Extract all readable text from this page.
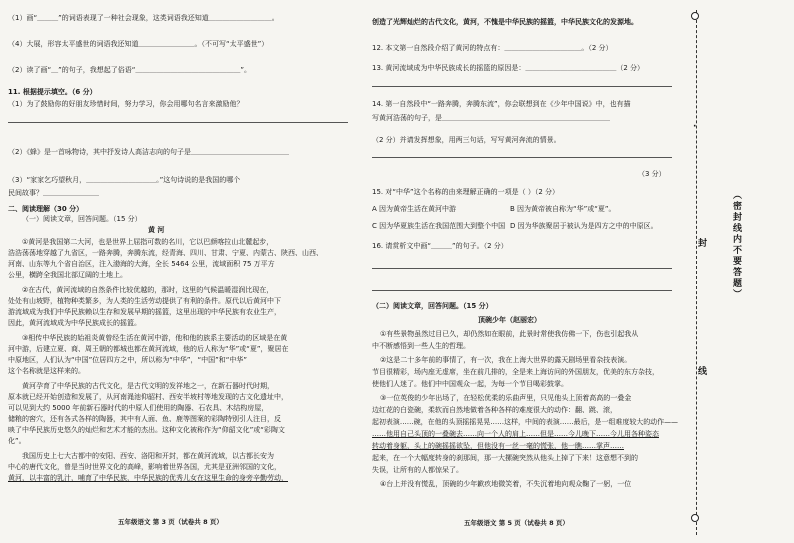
（1）画“＿＿＿”的词语表现了一种社会现象，这类词语我还知道＿＿＿＿＿＿＿＿＿。
（4）大展，形容太平盛世的词语我还知道＿＿＿＿＿＿＿＿。（不可写“太平盛世”）
（2）读了画“＿”的句子，我想起了俗语“＿＿＿＿＿＿＿＿＿＿＿＿＿＿＿”。
11. 根据提示填空。（6 分）
（1）为了鼓励你的好朋友珍惜时间，努力学习，你会用哪句名言来激励他？
（2）《蜂》是一首咏物诗，其中抒发诗人高洁志向的句子是＿＿＿＿＿＿＿＿＿＿＿＿＿＿
（3）“家家乞巧望秋月，＿＿＿＿＿＿＿＿＿＿。”这句诗说的是我国的哪个
民间故事？＿＿＿＿＿＿＿＿
二、阅读理解（30 分）
（一）阅读文章，回答问题。（15 分）
黄 河
①黄河是我国第二大河，也是世界上屈指可数的名川，它以巴颜喀拉山北麓起步，
浩浩荡荡地穿越了九省区，一路奔腾，奔腾东流，经青海、四川、甘肃、宁夏、内蒙古、陕西、山西、
河南、山东等九个省自治区，注入渤海的大海，全长 5464 公里，流域面积 75 万平方
公里，横跨全我国北部辽阔的土地上。
②在古代，黄河流域的自然条件比较优越的，那时，这里的气候温暖湿润比现在，
处处有山坡野，植物种类繁多，为人类的生活劳动提供了有利的条件。原代以后黄河中下
游流域成为我们中华民族赖以生存和发展早期的摇篮，这里出现的中华民族有农业生产，
因此，黄河流域成为中华民族成长的摇篮。
③相传中华民族的始祖炎黄曾经生活在黄河中游，他和他的族系主要活动的区域是在黄
河中游，后建立夏、商、周王朝的都城也都在黄河流域，他的后人称为“华”或“夏”，聚居在
中原地区，人们认为“中国”位居四方之中，所以称为“中华”，“中国”和“中华”
这个名称就是这样来的。
黄河孕育了中华民族的古代文化，是古代文明的发祥地之一，在新石器时代时期，
原本就已经开始创造和发展了，从河南渑池仰韶村、西安半坡村等地发现的古文化遗址中，
可以见到大约 5000 年前新石器时代的中原人们使用的陶器、石农具、木结构房屋，
储粮的窖穴，还有各式各样的陶器，其中有人面、鱼、鹿等图案的彩陶特别引人注目，反
映了中华民族历史悠久的灿烂和艺术才能的杰出。这种文化被称作为“仰韶文化”或“彩陶文
化”。
我国历史上七大古都中的安阳、西安、洛阳和开封，都在黄河流域，以古都长安为
中心的唐代文化，曾是当时世界文化的高峰，影响着世界各国，尤其是亚洲邻国的文化，
黄河，以丰富的乳汁，哺育了中华民族，中华民族的优秀儿女在这里生命的身旁辛勤劳动，
五年级语文 第 3 页（试卷共 8 页）
创造了光辉灿烂的古代文化，黄河，不愧是中华民族的摇篮，中华民族文化的发源地。
12. 本文第一自然段介绍了黄河的特点有：＿＿＿＿＿＿＿＿＿＿＿。（2 分）
13. 黄河流域成为中华民族成长的摇篮的原因是：＿＿＿＿＿＿＿＿＿＿＿＿＿（2 分）
14. 第一自然段中“一路奔腾，奔腾东流”，你会联想到在《少年中国说》中，也有描
写黄河浩荡的句子，是＿＿＿＿＿＿＿＿＿＿＿＿＿＿＿＿＿＿＿＿＿＿＿＿
（2 分）并请发挥想象，用两三句话，写写黄河奔流的情景。
（3 分）
15. 对“中华”这个名称的由来理解正确的一项是（ ）（2 分）
A 因为黄帝生活在黄河中游	B 因为黄帝被自称为“华”或“夏”。
C 因为华夏族生活在我国范围大到整个中国 D 因为华族聚居于被认为是四方之中的中原区。
16. 请赏析文中画“＿＿＿”的句子。（2 分）
（二）阅读文章，回答问题。（15 分）
顶碗少年（赵丽宏）
①有些景物虽然过目已久，却仍然如在眼前，此景时常使我仿佛一下，伤也引起我从
中不断感悟到一些人生的哲理。
②这是二十多年前的事情了，有一次，我在上海大世界的露天剧场里看杂技表演。
节目很精彩，场内座无虚席，坐在前几排的，全是来上海访问的外国朋友，优美的东方杂技，
使他们人迷了。他们中中国观众一起，为每一个节目喝彩鼓掌。
③一位英俊的少年出场了，在轻松优柔的乐曲声里，只见他头上顶着高高的一叠金
边红花的白瓷碗，柔软而自然地做着各种各样的难度很大的动作：翻、跳、滚，
起初表演……碗，在他的头顶摇摇晃晃……这样，中间的表演……最后，是一组难度较大的动作——
……他用自己头顶的一叠碗去……向一个人的肩上……但是……今儿晚下……今儿用各种姿态
转动着身躯，头上的碗摇摇欲坠，但他没有一丝一毫的慌张，他一瞧……掌声……
起来，在一个大幅度转身的刹那间，那一大摞碗突然从他头上掉了下来！这意想不到的
失误，让所有的人都惊呆了。
④台上并没有慌乱，顶碗的少年歉疚地微笑着，不失沉着地向观众鞠了一躬，一位
五年级语文 第 5 页（试卷共 8 页）
·
封
线
（密封线内不要答题）
